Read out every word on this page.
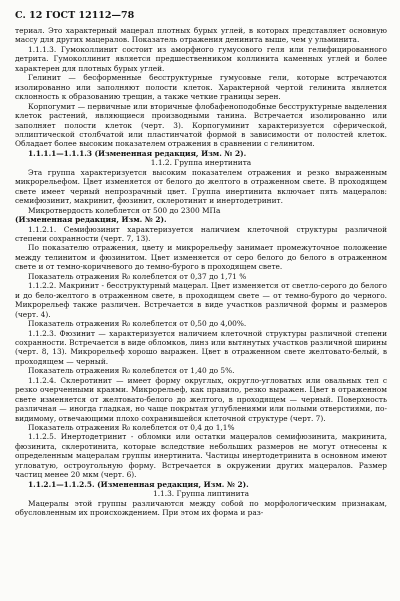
С. 12 ГОСТ 12112—78

териал. Это характерный мацерал плотных бурых углей, в которых представляет основную массу для других мацералов. Показатель отражения денинита выше, чем у ульминита.

1.1.1.3. Гумоколлинит состоит из аморфного гумусового геля или гелифицированного детрита. Гумоколлинит является предшественником коллинита каменных углей и более характерен для плотных бурых углей.

Гелинит — бесформенные бесструктурные гумусовые гели, которые встречаются изолированно или заполняют полости клеток. Характерной чертой гелинита является склонность к образованию трещин, а также четкие границы зерен.

Корпогумит — первичные или вторичные флобафеноподобные бесструктурные выделения клеток растений, являющиеся производными танина. Встречается изолированно или заполняет полости клеток (черт. 3). Корпогуминит характеризуется сферической, эллиптической столбчатой или пластинчатой формой в зависимости от полостей клеток. Обладает более высоким показателем отражения в сравнении с гелинитом.

1.1.1.1—1.1.1.3 (Измененная редакция, Изм. № 2).

1.1.2. Группа инертинита

Эта группа характеризуется высоким показателем отражения и резко выраженным микрорельефом. Цвет изменяется от белого до желтого в отраженном свете. В проходящем свете имеет черный непрозрачный цвет. Группа инертинита включает пять мацералов: семифюзинит, макринит, фюзинит, склеротинит и инертодетринит.

Микротвердость колеблется от 500 до 2300 МПа

(Измененная редакция, Изм. № 2).

1.1.2.1. Семифюзинит характеризуется наличием клеточной структуры различной степени сохранности (черт. 7, 13).

По показателю отражения, цвету и микрорельефу занимает промежуточное положение между телинитом и фюзинитом. Цвет изменяется от серо белого до белого в отраженном свете и от темно-коричневого до темно-бурого в проходящем свете.

Показатель отражения R₀ колеблется от 0,37 до 1,71 %

1.1.2.2. Макринит - бесструктурный мацерал. Цвет изменяется от светло-серого до белого и до бело-желтого в отраженном свете, в проходящем свете — от темно-бурого до черного. Микрорельеф также различен. Встречается в виде участков различной формы и размеров (черт. 4).

Показатель отражения R₀ колеблется от 0,50 до 4,00%.

1.1.2.3. Фюзинит — характеризуется наличием клеточной структуры различной степени сохранности. Встречается в виде обломков, линз или вытянутых участков различной ширины (черт. 8, 13). Микрорельеф хорошо выражен. Цвет в отраженном свете желтовато-белый, в проходящем — черный.

Показатель отражения R₀ колеблется от 1,40 до 5%.

1.1.2.4. Склеротинит — имеет форму округлых, округло-угловатых или овальных тел с резко очерченными краями. Микрорельеф, как правило, резко выражен. Цвет в отраженном свете изменяется от желтовато-белого до желтого, в проходящем — черный. Поверхность различная — иногда гладкая, но чаще покрытая углублениями или полыми отверстиями, по-видимому, отвечающими плохо сохранившейся клеточной структуре (черт. 7).

Показатель отражения R₀ колеблется от 0,4 до 1,1%

1.1.2.5. Инертодетринит - обломки или остатки мацералов семифюзинита, макринита, фюзинита, склеротинита, которые вследствие небольших размеров не могут отнесены к определенным мацералам группы инертинита. Частицы инертодетринита в основном имеют угловатую, остроугольную форму. Встречается в окружении других мацералов. Размер частиц менее 20 мкм (черт. 6).

1.1.2.1—1.1.2.5. (Измененная редакция, Изм. № 2).

1.1.3. Группа липтинита

Мацералы этой группы различаются между собой по морфологическим признакам, обусловленным их происхождением. При этом их форма и раз-
